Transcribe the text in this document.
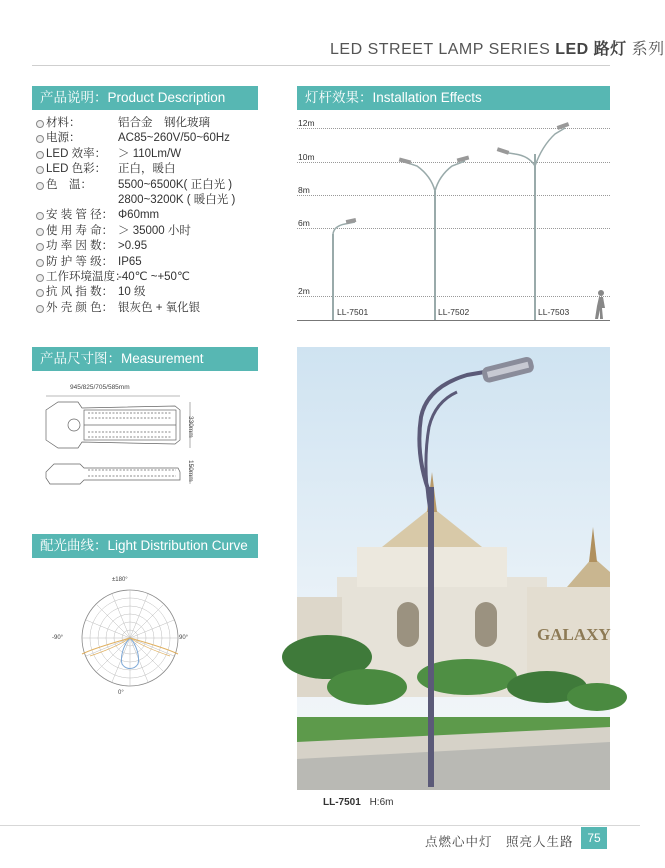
LED STREET LAMP SERIES LED 路灯 系列
产品说明：Product Description
材料：	铝合金　钢化玻璃
电源：	AC85~260V/50~60Hz
LED 效率： ＞ 110Lm/W
LED 色彩： 正白，暖白
色　温： 5500~6500K( 正白光 )
2800~3200K ( 暖白光 )
安 装 管 径： Φ60mm
使 用 寿 命： ＞ 35000 小时
功 率 因 数： ˃0.95
防 护 等 级： IP65
工作环境温度：
-40℃ ~+50℃
抗 风 指 数： 10 级
外 壳 颜 色： 银灰色 + 氧化银
灯杆效果：Installation Effects
12m
10m
8m
6m
2m
LL-7501	LL-7502	LL-7503
产品尺寸图：Measurement
945/825/705/585mm
330mm
150mm
配光曲线：Light Distribution Curve
±180°
-90°	90°
0°
GALAXY
LL-7501 H:6m
点燃心中灯　照亮人生路	75
